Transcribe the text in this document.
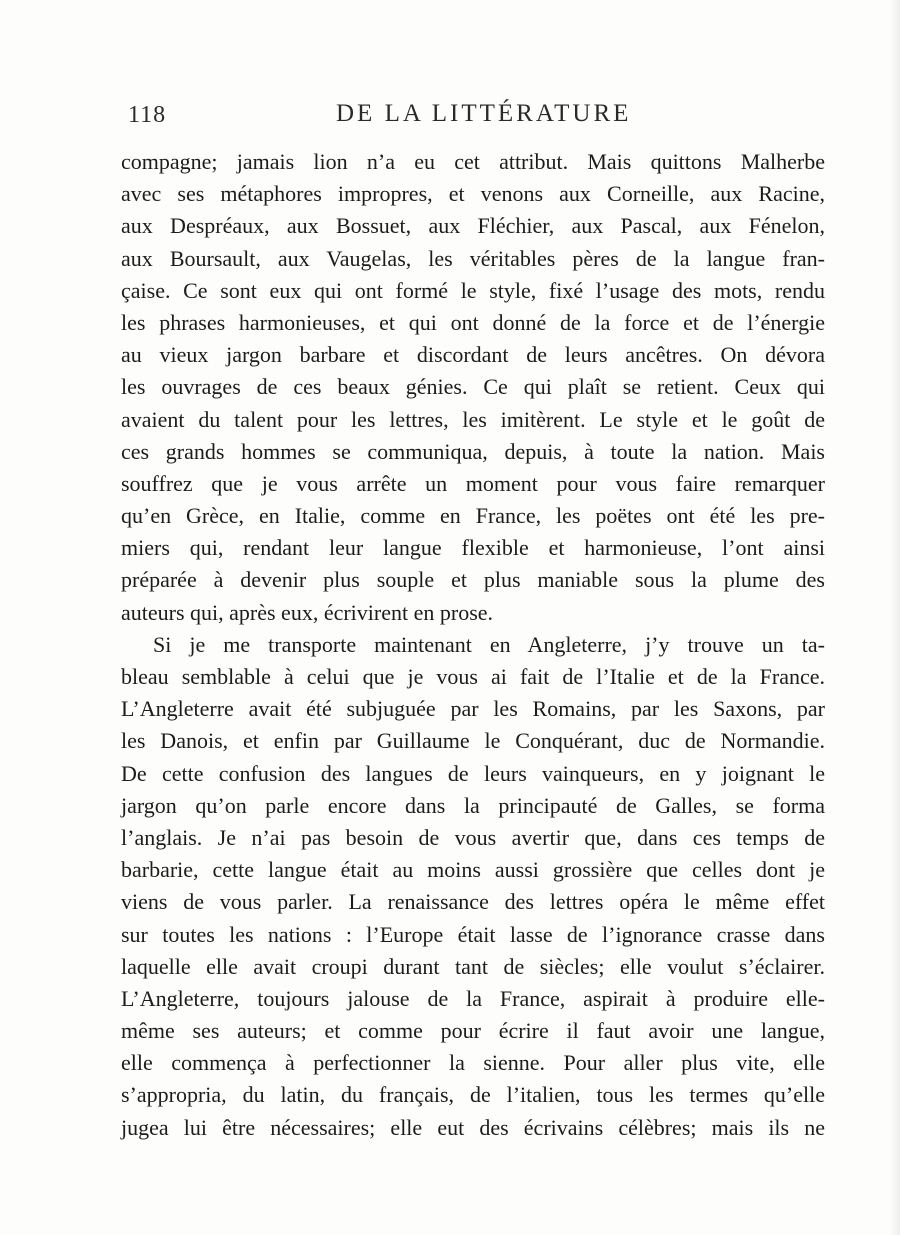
118	DE LA LITTÉRATURE
compagne; jamais lion n’a eu cet attribut. Mais quittons Malherbe
avec ses métaphores impropres, et venons aux Corneille, aux Racine,
aux Despréaux, aux Bossuet, aux Fléchier, aux Pascal, aux Fénelon,
aux Boursault, aux Vaugelas, les véritables pères de la langue fran-
çaise. Ce sont eux qui ont formé le style, fixé l’usage des mots, rendu
les phrases harmonieuses, et qui ont donné de la force et de l’énergie
au vieux jargon barbare et discordant de leurs ancêtres. On dévora
les ouvrages de ces beaux génies. Ce qui plaît se retient. Ceux qui
avaient du talent pour les lettres, les imitèrent. Le style et le goût de
ces grands hommes se communiqua, depuis, à toute la nation. Mais
souffrez que je vous arrête un moment pour vous faire remarquer
qu’en Grèce, en Italie, comme en France, les poëtes ont été les pre-
miers qui, rendant leur langue flexible et harmonieuse, l’ont ainsi
préparée à devenir plus souple et plus maniable sous la plume des
auteurs qui, après eux, écrivirent en prose.
Si je me transporte maintenant en Angleterre, j’y trouve un ta-
bleau semblable à celui que je vous ai fait de l’Italie et de la France.
L’Angleterre avait été subjuguée par les Romains, par les Saxons, par
les Danois, et enfin par Guillaume le Conquérant, duc de Normandie.
De cette confusion des langues de leurs vainqueurs, en y joignant le
jargon qu’on parle encore dans la principauté de Galles, se forma
l’anglais. Je n’ai pas besoin de vous avertir que, dans ces temps de
barbarie, cette langue était au moins aussi grossière que celles dont je
viens de vous parler. La renaissance des lettres opéra le même effet
sur toutes les nations : l’Europe était lasse de l’ignorance crasse dans
laquelle elle avait croupi durant tant de siècles; elle voulut s’éclairer.
L’Angleterre, toujours jalouse de la France, aspirait à produire elle-
même ses auteurs; et comme pour écrire il faut avoir une langue,
elle commença à perfectionner la sienne. Pour aller plus vite, elle
s’appropria, du latin, du français, de l’italien, tous les termes qu’elle
jugea lui être nécessaires; elle eut des écrivains célèbres; mais ils ne
